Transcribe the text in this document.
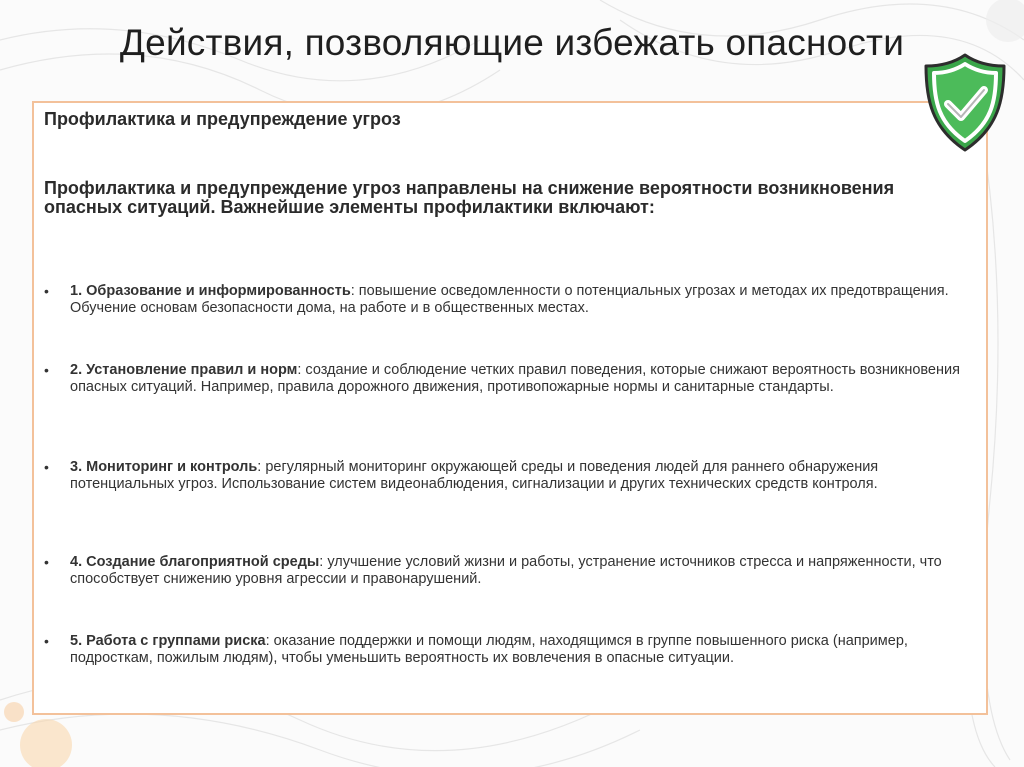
Действия, позволяющие избежать опасности

Профилактика и предупреждение угроз

Профилактика и предупреждение угроз направлены на снижение вероятности возникновения опасных ситуаций. Важнейшие элементы профилактики включают:

•	1. Образование и информированность: повышение осведомленности о потенциальных угрозах и методах их предотвращения. Обучение основам безопасности дома, на работе и в общественных местах.
•	2. Установление правил и норм: создание и соблюдение четких правил поведения, которые снижают вероятность возникновения опасных ситуаций. Например, правила дорожного движения, противопожарные нормы и санитарные стандарты.
•	3. Мониторинг и контроль: регулярный мониторинг окружающей среды и поведения людей для раннего обнаружения потенциальных угроз. Использование систем видеонаблюдения, сигнализации и других технических средств контроля.
•	4. Создание благоприятной среды: улучшение условий жизни и работы, устранение источников стресса и напряженности, что способствует снижению уровня агрессии и правонарушений.
•	5. Работа с группами риска: оказание поддержки и помощи людям, находящимся в группе повышенного риска (например, подросткам, пожилым людям), чтобы уменьшить вероятность их вовлечения в опасные ситуации.
